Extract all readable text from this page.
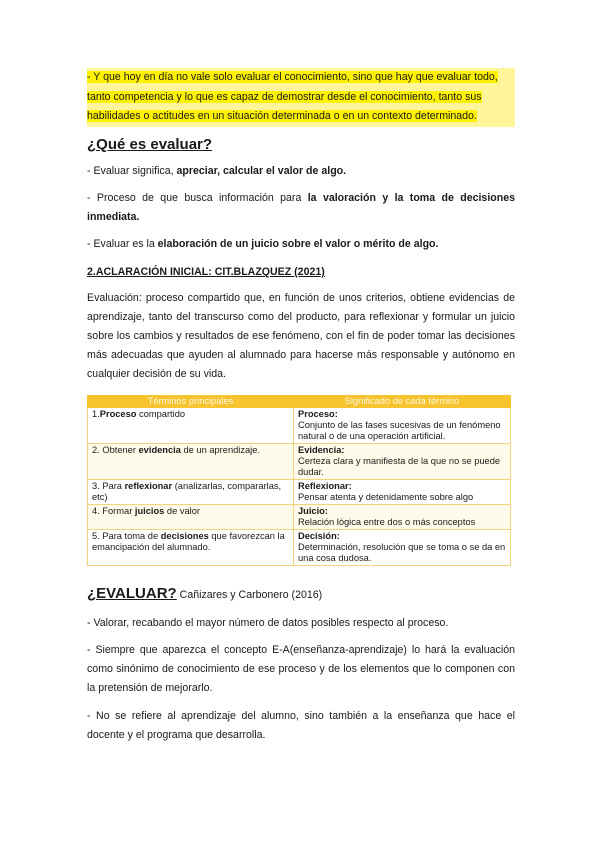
- Y que hoy en día no vale solo evaluar el conocimiento, sino que hay que evaluar todo, tanto competencia y lo que es capaz de demostrar desde el conocimiento, tanto sus habilidades o actitudes en un situación determinada o en un contexto determinado.

¿Qué es evaluar?

- Evaluar significa, apreciar, calcular el valor de algo.

- Proceso de que busca información para la valoración y la toma de decisiones inmediata.

- Evaluar es la elaboración de un juicio sobre el valor o mérito de algo.

2.ACLARACIÓN INICIAL: CIT.BLAZQUEZ (2021)

Evaluación: proceso compartido que, en función de unos criterios, obtiene evidencias de aprendizaje, tanto del transcurso como del producto, para reflexionar y formular un juicio sobre los cambios y resultados de ese fenómeno, con el fin de poder tomar las decisiones más adecuadas que ayuden al alumnado para hacerse más responsable y autónomo en cualquier decisión de su vida.

Términos principales	Significado de cada término
1.Proceso compartido	Proceso:
Conjunto de las fases sucesivas de un fenómeno natural o de una operación artificial.
2. Obtener evidencia de un aprendizaje.	Evidencia:
Certeza clara y manifiesta de la que no se puede dudar.
3. Para reflexionar (analizarlas, compararlas, etc)	Reflexionar:
Pensar atenta y detenidamente sobre algo
4. Formar juicios de valor	Juicio:
Relación lógica entre dos o más conceptos
5. Para toma de decisiones que favorezcan la emancipación del alumnado.	Decisión:
Determinación, resolución que se toma o se da en una cosa dudosa.
¿EVALUAR? Cañizares y Carbonero (2016)

- Valorar, recabando el mayor número de datos posibles respecto al proceso.

- Siempre que aparezca el concepto E-A(enseñanza-aprendizaje) lo hará la evaluación como sinónimo de conocimiento de ese proceso y de los elementos que lo componen con la pretensión de mejorarlo.

- No se refiere al aprendizaje del alumno, sino también a la enseñanza que hace el docente y el programa que desarrolla.
